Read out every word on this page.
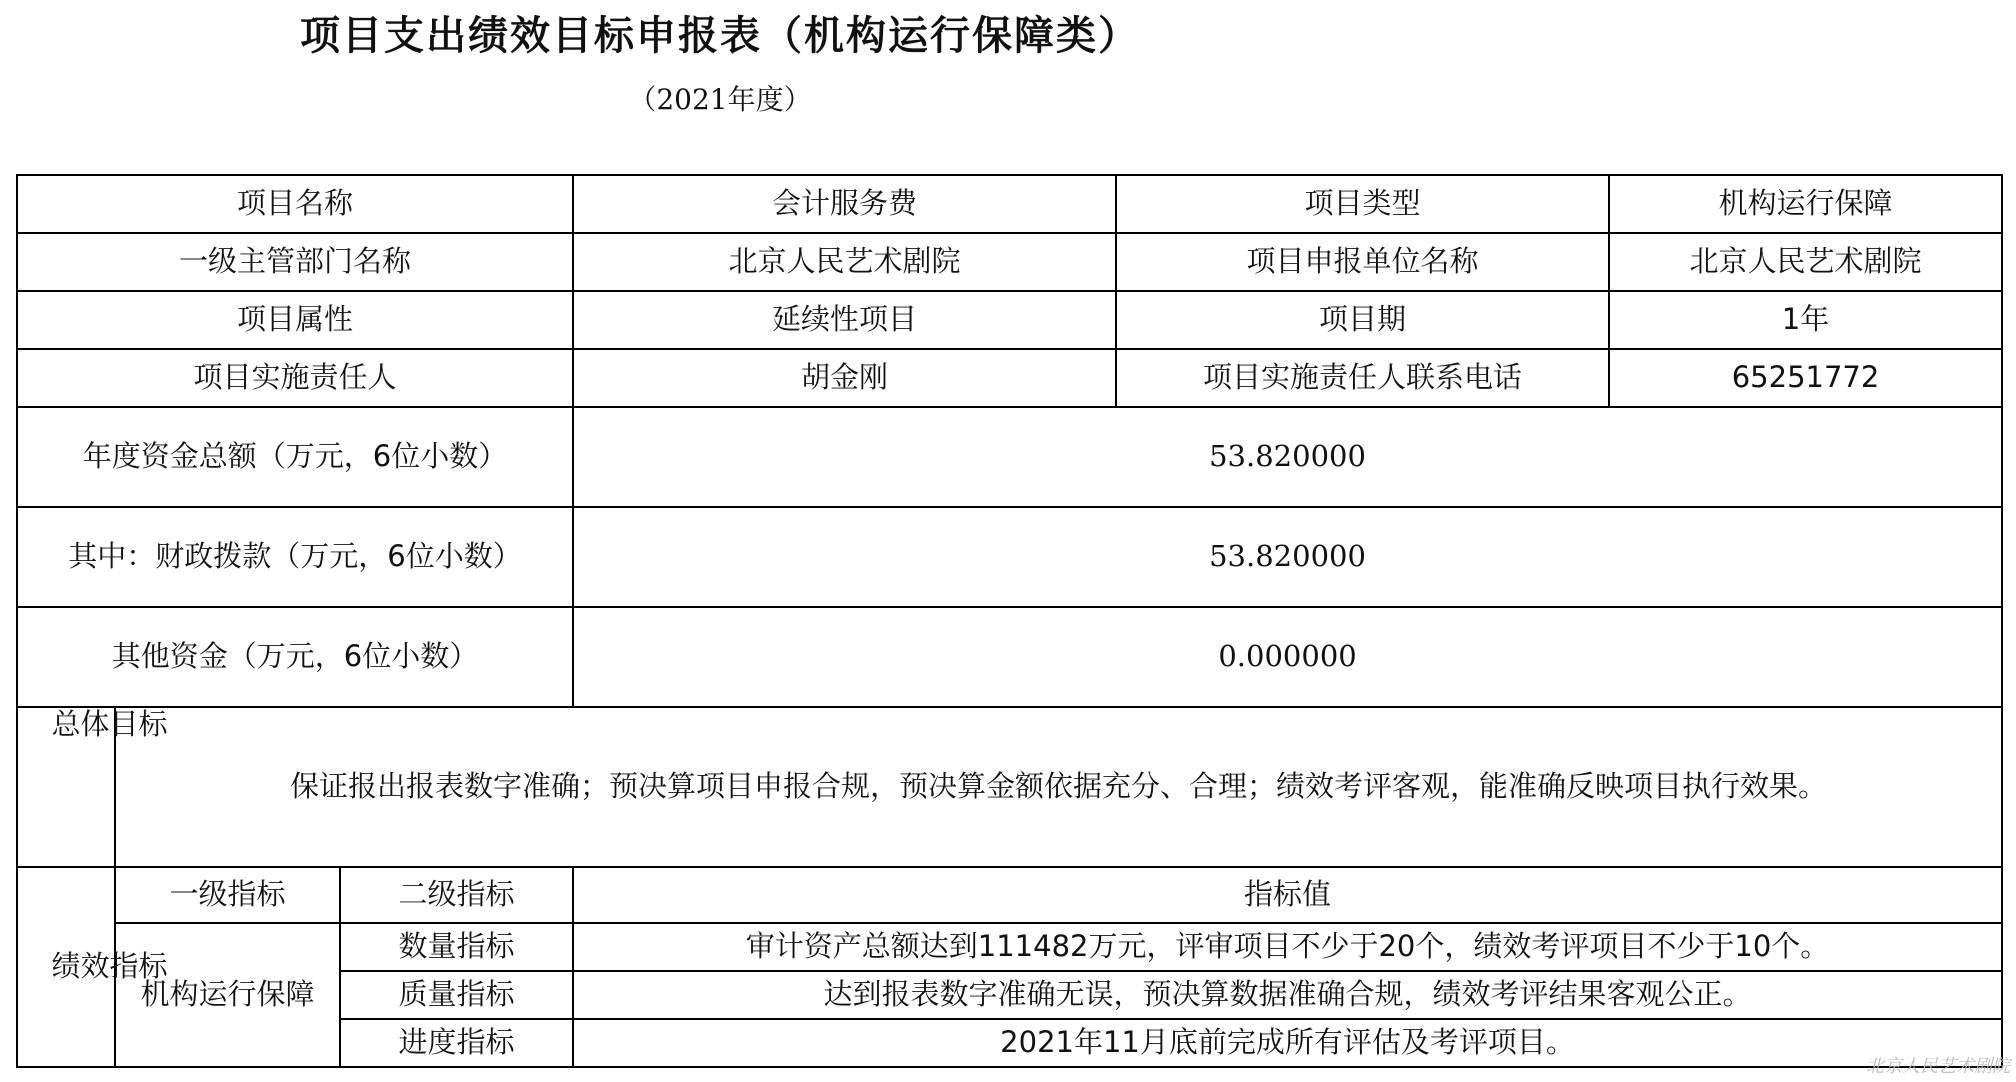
项目支出绩效目标申报表（机构运行保障类）
（2021年度）
项目名称			会计服务费	项目类型	机构运行保障
一级主管部门名称			北京人民艺术剧院	项目申报单位名称	北京人民艺术剧院
项目属性			延续性项目	项目期	1年
项目实施责任人			胡金刚	项目实施责任人联系电话	65251772
年度资金总额（万元，6位小数）			53.820000		
其中：财政拨款（万元，6位小数）			53.820000		
其他资金（万元，6位小数）			0.000000		

总体目标	保证报出报表数字准确；预决算项目申报合规，预决算金额依据充分、合理；绩效考评客观，能准确反映项目执行效果。				

绩效指标	一级指标	二级指标	指标值		
	机构运行保障	数量指标	审计资产总额达到111482万元，评审项目不少于20个，绩效考评项目不少于10个。		
		质量指标	达到报表数字准确无误，预决算数据准确合规，绩效考评结果客观公正。		
		进度指标	2021年11月底前完成所有评估及考评项目。		
北京人民艺术剧院
